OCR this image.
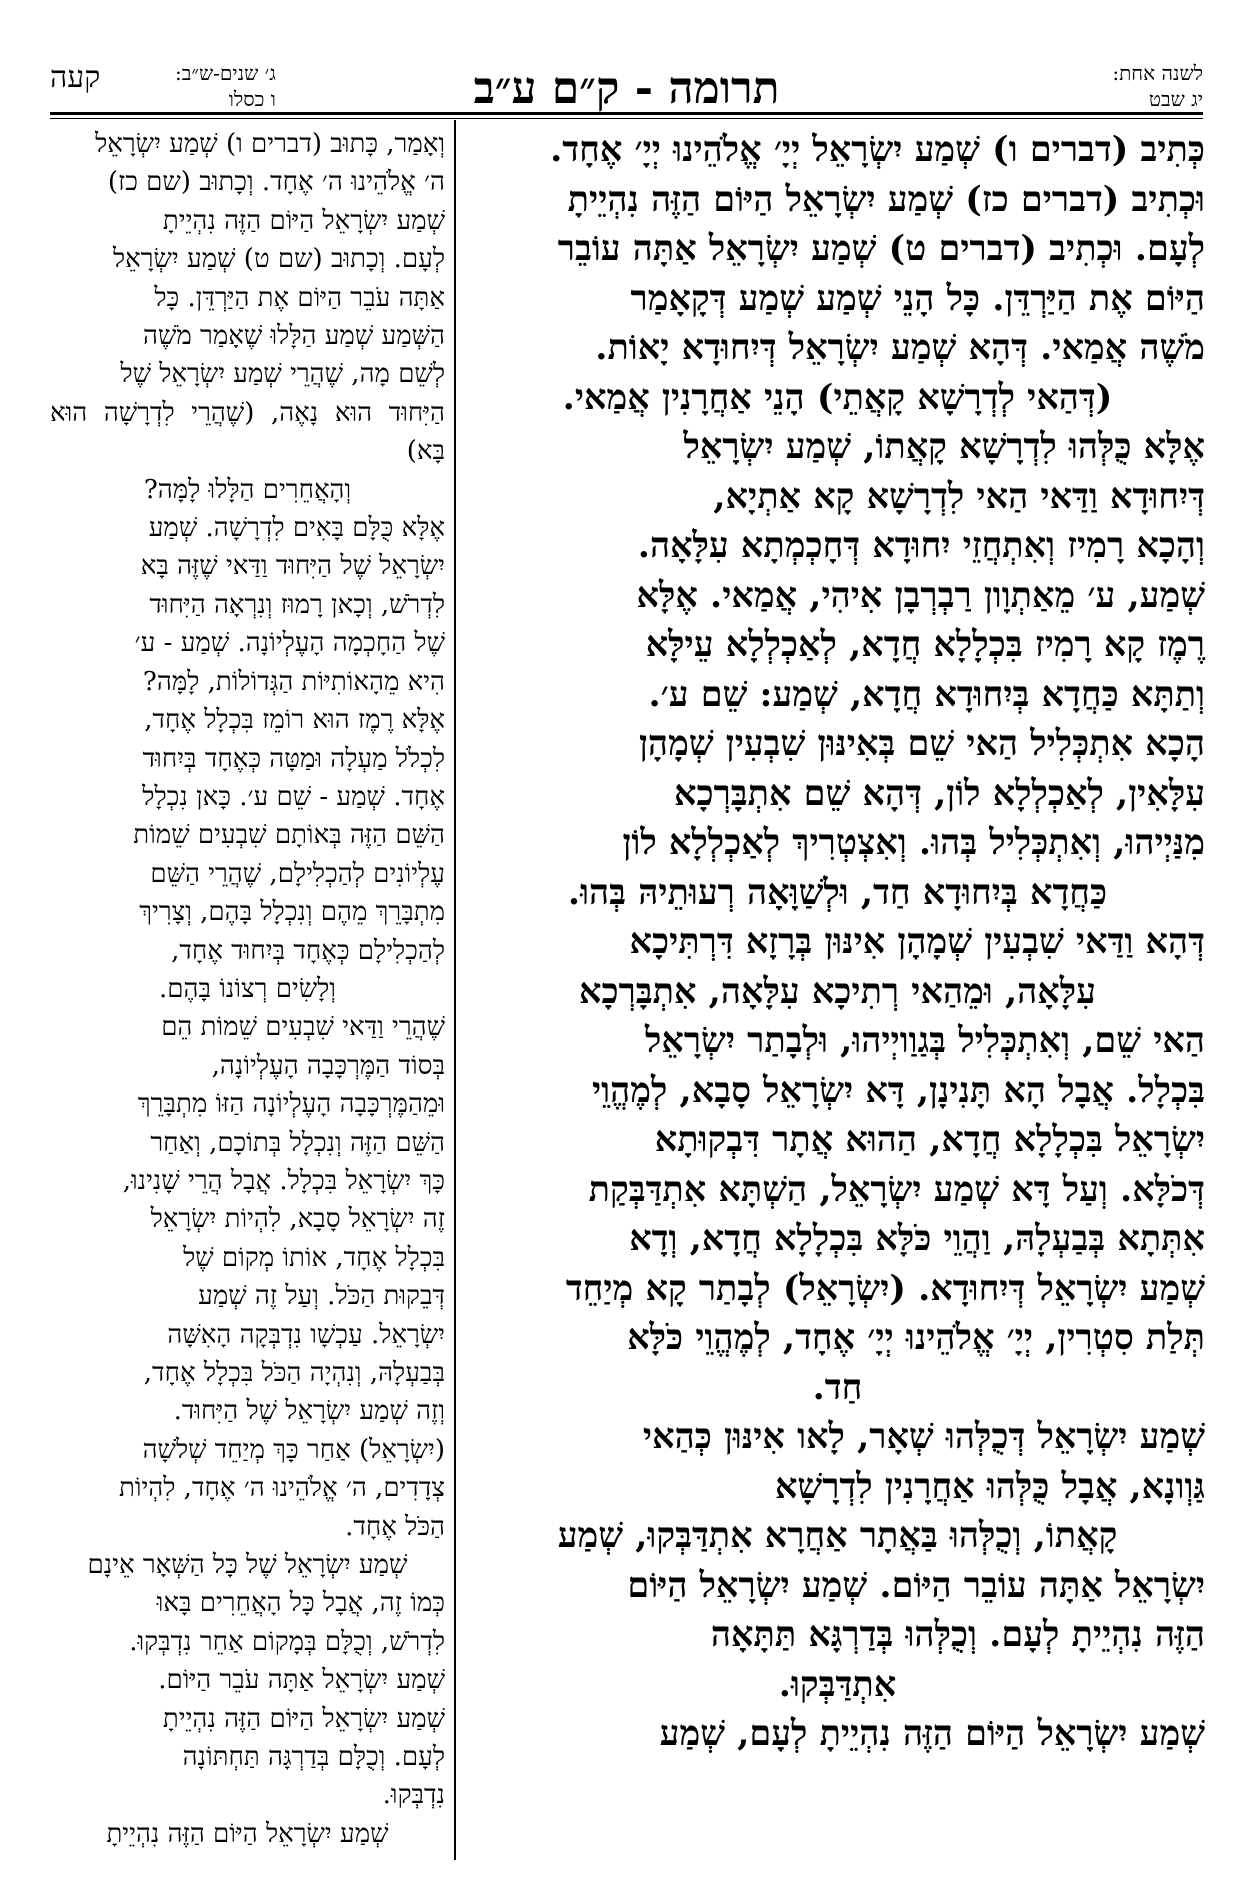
לשנה אחת:
יג שבט
תרומה - ק״ם ע״ב
ג׳ שנים-ש״ב:
ו כסלו
קעה

כְּתִיב (דברים ו) שְׁמַע יִשְׂרָאֵל יְיָ׳ אֱלֹהֵינוּ יְיָ׳ אֶחָד.

וּכְתִיב (דברים כז) שְׁמַע יִשְׂרָאֵל הַיּוֹם הַזֶּה נִהְיֵיתָ

לְעָם. וּכְתִיב (דברים ט) שְׁמַע יִשְׂרָאֵל אַתָּה עוֹבֵר

הַיּוֹם אֶת הַיַּרְדֵּן. כָּל הָנֵי שְׁמַע שְׁמַע דְּקָאָמַר

מֹשֶׁה אֲמַאי. דְּהָא שְׁמַע יִשְׂרָאֵל דְּיִחוּדָא יָאוֹת.

(דְּהַאי לְדְרָשָׁא קָאֲתֵי) הָנֵי אַחֲרָנִין אֲמַאי.

אֶלָּא כֻּלְּהוּ לִדְרָשָׁא קָאֲתוֹ, שְׁמַע יִשְׂרָאֵל

דְּיִחוּדָא וַדַּאי הַאי לִדְרָשָׁא קָא אַתְיָא,

וְהָכָא רָמִיז וְאִתְחֲזֵי יִחוּדָא דְּחָכְמְתָא עִלָּאָה.

שְׁמַע, ע׳ מֵאַתְוָון רַבְרְבָן אִיהִי, אֲמַאי. אֶלָּא

רֶמֶז קָא רָמִיז בִּכְלָלָא חֲדָא, לְאַכְלְלָא עֵילָּא

וְתַתָּא כַּחֲדָא בְּיִחוּדָא חֲדָא, שְׁמַע: שֵׁם ע׳.

הָכָא אִתְכְּלִיל הַאי שֵׁם בְּאִינּוּן שִׁבְעִין שְׁמָהָן

עִלָּאִין, לְאַכְלְלָא לוֹן, דְּהָא שֵׁם אִתְבָּרְכָא

מִנַּיְיהוּ, וְאִתְכְּלִיל בְּהוּ. וְאִצְטְרִיךְ לְאַכְלְלָא לוֹן

כַּחֲדָא בְּיִחוּדָא חַד, וּלְשַׁוָּאָה רְעוּתֵיהּ בְּהוּ.

דְּהָא וַדַּאי שִׁבְעִין שְׁמָהָן אִינּוּן בְּרָזָא דִּרְתִּיכָא

עִלָּאָה, וּמֵהַאי רְתִיכָא עִלָּאָה, אִתְבָּרְכָא

הַאי שֵׁם, וְאִתְכְּלִיל בְּגַוַויְיהוּ, וּלְבָתַר יִשְׂרָאֵל

בִּכְלָל. אֲבָל הָא תָּנִינָן, דָּא יִשְׂרָאֵל סָבָא, לְמֶהֱוֵי

יִשְׂרָאֵל בִּכְלָלָא חֲדָא, הַהוּא אֲתָר דִּבְקוּתָא

דְּכֹלָּא. וְעַל דָּא שְׁמַע יִשְׂרָאֵל, הַשְׁתָּא אִתְדַּבְּקַת

אִתְּתָא בְּבַעְלָהּ, וַהֲוֵי כֹּלָּא בִּכְלָלָא חֲדָא, וְדָא

שְׁמַע יִשְׂרָאֵל דְּיִחוּדָא. (יִשְׂרָאֵל) לְבָתַר קָא מְיַחֵד

תְּלַת סִטְרִין, יְיָ׳ אֱלֹהֵינוּ יְיָ׳ אֶחָד, לְמֶהֱוֵי כֹּלָּא

חַד.

שְׁמַע יִשְׂרָאֵל דְּכֻלְּהוּ שְׁאָר, לָאו אִינּוּן כְּהַאי

גַּוְונָא, אֲבָל כֻּלְּהוּ אַחֲרָנִין לִדְרָשָׁא

קָאֲתוֹ, וְכֻלְּהוּ בַּאֲתָר אַחֲרָא אִתְדַּבְּקוּ, שְׁמַע

יִשְׂרָאֵל אַתָּה עוֹבֵר הַיּוֹם. שְׁמַע יִשְׂרָאֵל הַיּוֹם

הַזֶּה נִהְיֵיתָ לְעָם. וְכֻלְּהוּ בְּדַרְגָּא תַּתָּאָה

אִתְדַּבְּקוּ.

שְׁמַע יִשְׂרָאֵל הַיּוֹם הַזֶּה נִהְיֵיתָ לְעָם, שְׁמַע

וְאָמַר, כָּתוּב (דברים ו) שְׁמַע יִשְׂרָאֵל

ה׳ אֱלֹהֵינוּ ה׳ אֶחָד. וְכָתוּב (שם כז)

שְׁמַע יִשְׂרָאֵל הַיּוֹם הַזֶּה נִהְיֵיתָ

לְעָם. וְכָתוּב (שם ט) שְׁמַע יִשְׂרָאֵל

אַתָּה עֹבֵר הַיּוֹם אֶת הַיַּרְדֵּן. כָּל

הַשְּׁמַע שְׁמַע הַלָּלוּ שֶׁאָמַר מֹשֶׁה

לְשֵׁם מָה, שֶׁהֲרֵי שְׁמַע יִשְׂרָאֵל שֶׁל

הַיִּחוּד הוּא נָאֶה, (שֶׁהֲרֵי לִדְרָשָׁה הוּא בָּא)

וְהָאֲחֵרִים הַלָּלוּ לָמָּה?

אֶלָּא כֻּלָּם בָּאִים לִדְרָשָׁה. שְׁמַע

יִשְׂרָאֵל שֶׁל הַיִּחוּד וַדַּאי שֶׁזֶּה בָּא

לִדְרֹשׁ, וְכָאן רָמוּז וְנִרְאָה הַיִּחוּד

שֶׁל הַחָכְמָה הָעֶלְיוֹנָה. שְׁמַע - ע׳

הִיא מֵהָאוֹתִיּוֹת הַגְּדוֹלוֹת, לָמָּה?

אֶלָּא רֶמֶז הוּא רוֹמֵז בִּכְלָל אֶחָד,

לִכְלֹל מַעְלָה וּמַטָּה כְּאֶחָד בְּיִחוּד

אֶחָד. שְׁמַע - שֵׁם ע׳. כָּאן נִכְלָל

הַשֵּׁם הַזֶּה בְּאוֹתָם שִׁבְעִים שֵׁמוֹת

עֶלְיוֹנִים לְהַכְלִילָם, שֶׁהֲרֵי הַשֵּׁם

מִתְבָּרֵךְ מֵהֶם וְנִכְלָל בָּהֶם, וְצָרִיךְ

לְהַכְלִילָם כְּאֶחָד בְּיִחוּד אֶחָד,

וְלָשִׂים רְצוֹנוֹ בָּהֶם.

שֶׁהֲרֵי וַדַּאי שִׁבְעִים שֵׁמוֹת הֵם

בְּסוֹד הַמֶּרְכָּבָה הָעֶלְיוֹנָה,

וּמֵהַמֶּרְכָּבָה הָעֶלְיוֹנָה הַזּוֹ מִתְבָּרֵךְ

הַשֵּׁם הַזֶּה וְנִכְלָל בְּתוֹכָם, וְאַחַר

כָּךְ יִשְׂרָאֵל בִּכְלָל. אֲבָל הֲרֵי שָׁנִינוּ,

זֶה יִשְׂרָאֵל סָבָא, לִהְיוֹת יִשְׂרָאֵל

בִּכְלָל אֶחָד, אוֹתוֹ מְקוֹם שֶׁל

דְּבֵקוּת הַכֹּל. וְעַל זֶה שְׁמַע

יִשְׂרָאֵל. עַכְשָׁו נִדְבְּקָה הָאִשָּׁה

בְּבַעְלָהּ, וְנִהְיָה הַכֹּל בִּכְלָל אֶחָד,

וְזֶה שְׁמַע יִשְׂרָאֵל שֶׁל הַיִּחוּד.

(יִשְׂרָאֵל) אַחַר כָּךְ מְיַחֵד שְׁלֹשָׁה

צְדָדִים, ה׳ אֱלֹהֵינוּ ה׳ אֶחָד, לִהְיוֹת

הַכֹּל אֶחָד.

שְׁמַע יִשְׂרָאֵל שֶׁל כָּל הַשְּׁאָר אֵינָם

כְּמוֹ זֶה, אֲבָל כָּל הָאֲחֵרִים בָּאוּ

לִדְרֹשׁ, וְכֻלָּם בְּמָקוֹם אַחֵר נִדְבְּקוּ.

שְׁמַע יִשְׂרָאֵל אַתָּה עֹבֵר הַיּוֹם.

שְׁמַע יִשְׂרָאֵל הַיּוֹם הַזֶּה נִהְיֵיתָ

לְעָם. וְכֻלָּם בְּדַרְגָּה תַּחְתּוֹנָה

נִדְבְּקוּ.

שְׁמַע יִשְׂרָאֵל הַיּוֹם הַזֶּה נִהְיֵיתָ
